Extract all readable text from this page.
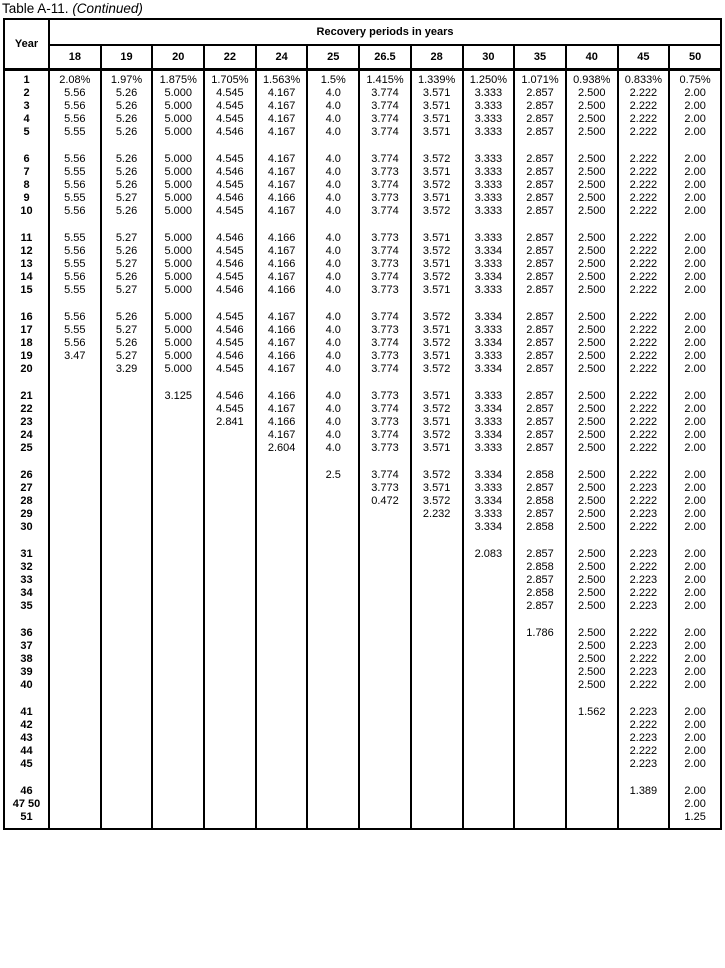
Table A-11. (Continued)
Year	Recovery periods in years												
	18	19	20	22	24	25	26.5	28	30	35	40	45	50

1	2.08%	1.97%	1.875%	1.705%	1.563%	1.5%	1.415%	1.339%	1.250%	1.071%	0.938%	0.833%	0.75%
2	5.56	5.26	5.000	4.545	4.167	4.0	3.774	3.571	3.333	2.857	2.500	2.222	2.00
3	5.56	5.26	5.000	4.545	4.167	4.0	3.774	3.571	3.333	2.857	2.500	2.222	2.00
4	5.56	5.26	5.000	4.545	4.167	4.0	3.774	3.571	3.333	2.857	2.500	2.222	2.00
5	5.55	5.26	5.000	4.546	4.167	4.0	3.774	3.571	3.333	2.857	2.500	2.222	2.00

6	5.56	5.26	5.000	4.545	4.167	4.0	3.774	3.572	3.333	2.857	2.500	2.222	2.00
7	5.55	5.26	5.000	4.546	4.167	4.0	3.773	3.571	3.333	2.857	2.500	2.222	2.00
8	5.56	5.26	5.000	4.545	4.167	4.0	3.774	3.572	3.333	2.857	2.500	2.222	2.00
9	5.55	5.27	5.000	4.546	4.166	4.0	3.773	3.571	3.333	2.857	2.500	2.222	2.00
10	5.56	5.26	5.000	4.545	4.167	4.0	3.774	3.572	3.333	2.857	2.500	2.222	2.00

11	5.55	5.27	5.000	4.546	4.166	4.0	3.773	3.571	3.333	2.857	2.500	2.222	2.00
12	5.56	5.26	5.000	4.545	4.167	4.0	3.774	3.572	3.334	2.857	2.500	2.222	2.00
13	5.55	5.27	5.000	4.546	4.166	4.0	3.773	3.571	3.333	2.857	2.500	2.222	2.00
14	5.56	5.26	5.000	4.545	4.167	4.0	3.774	3.572	3.334	2.857	2.500	2.222	2.00
15	5.55	5.27	5.000	4.546	4.166	4.0	3.773	3.571	3.333	2.857	2.500	2.222	2.00

16	5.56	5.26	5.000	4.545	4.167	4.0	3.774	3.572	3.334	2.857	2.500	2.222	2.00
17	5.55	5.27	5.000	4.546	4.166	4.0	3.773	3.571	3.333	2.857	2.500	2.222	2.00
18	5.56	5.26	5.000	4.545	4.167	4.0	3.774	3.572	3.334	2.857	2.500	2.222	2.00
19	3.47	5.27	5.000	4.546	4.166	4.0	3.773	3.571	3.333	2.857	2.500	2.222	2.00
20		3.29	5.000	4.545	4.167	4.0	3.774	3.572	3.334	2.857	2.500	2.222	2.00

21			3.125	4.546	4.166	4.0	3.773	3.571	3.333	2.857	2.500	2.222	2.00
22				4.545	4.167	4.0	3.774	3.572	3.334	2.857	2.500	2.222	2.00
23				2.841	4.166	4.0	3.773	3.571	3.333	2.857	2.500	2.222	2.00
24					4.167	4.0	3.774	3.572	3.334	2.857	2.500	2.222	2.00
25					2.604	4.0	3.773	3.571	3.333	2.857	2.500	2.222	2.00

26						2.5	3.774	3.572	3.334	2.858	2.500	2.222	2.00
27							3.773	3.571	3.333	2.857	2.500	2.223	2.00
28							0.472	3.572	3.334	2.858	2.500	2.222	2.00
29								2.232	3.333	2.857	2.500	2.223	2.00
30									3.334	2.858	2.500	2.222	2.00

31									2.083	2.857	2.500	2.223	2.00
32										2.858	2.500	2.222	2.00
33										2.857	2.500	2.223	2.00
34										2.858	2.500	2.222	2.00
35										2.857	2.500	2.223	2.00

36										1.786	2.500	2.222	2.00
37											2.500	2.223	2.00
38											2.500	2.222	2.00
39											2.500	2.223	2.00
40											2.500	2.222	2.00

41											1.562	2.223	2.00
42												2.222	2.00
43												2.223	2.00
44												2.222	2.00
45												2.223	2.00

46												1.389	2.00
47 50													2.00
51													1.25
